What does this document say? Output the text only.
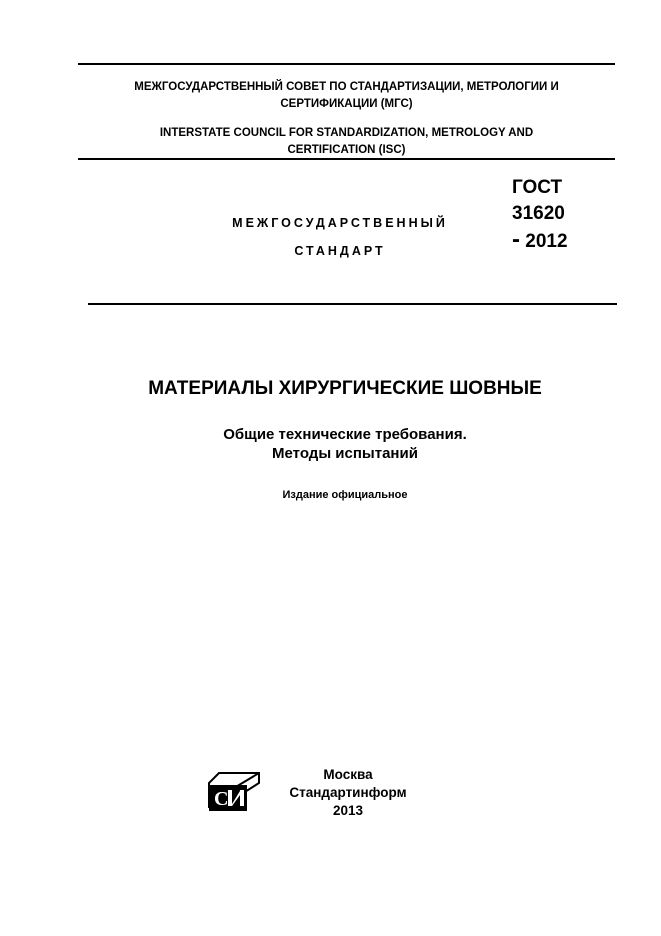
МЕЖГОСУДАРСТВЕННЫЙ СОВЕТ ПО СТАНДАРТИЗАЦИИ, МЕТРОЛОГИИ И
СЕРТИФИКАЦИИ (МГС)
INTERSTATE COUNCIL FOR STANDARDIZATION, METROLOGY AND
CERTIFICATION (ISC)
МЕЖГОСУДАРСТВЕННЫЙ
СТАНДАРТ
ГОСТ
31620
- 2012
МАТЕРИАЛЫ ХИРУРГИЧЕСКИЕ ШОВНЫЕ
Общие технические требования.
Методы испытаний
Издание официальное
С
Москва
Стандартинформ
2013
